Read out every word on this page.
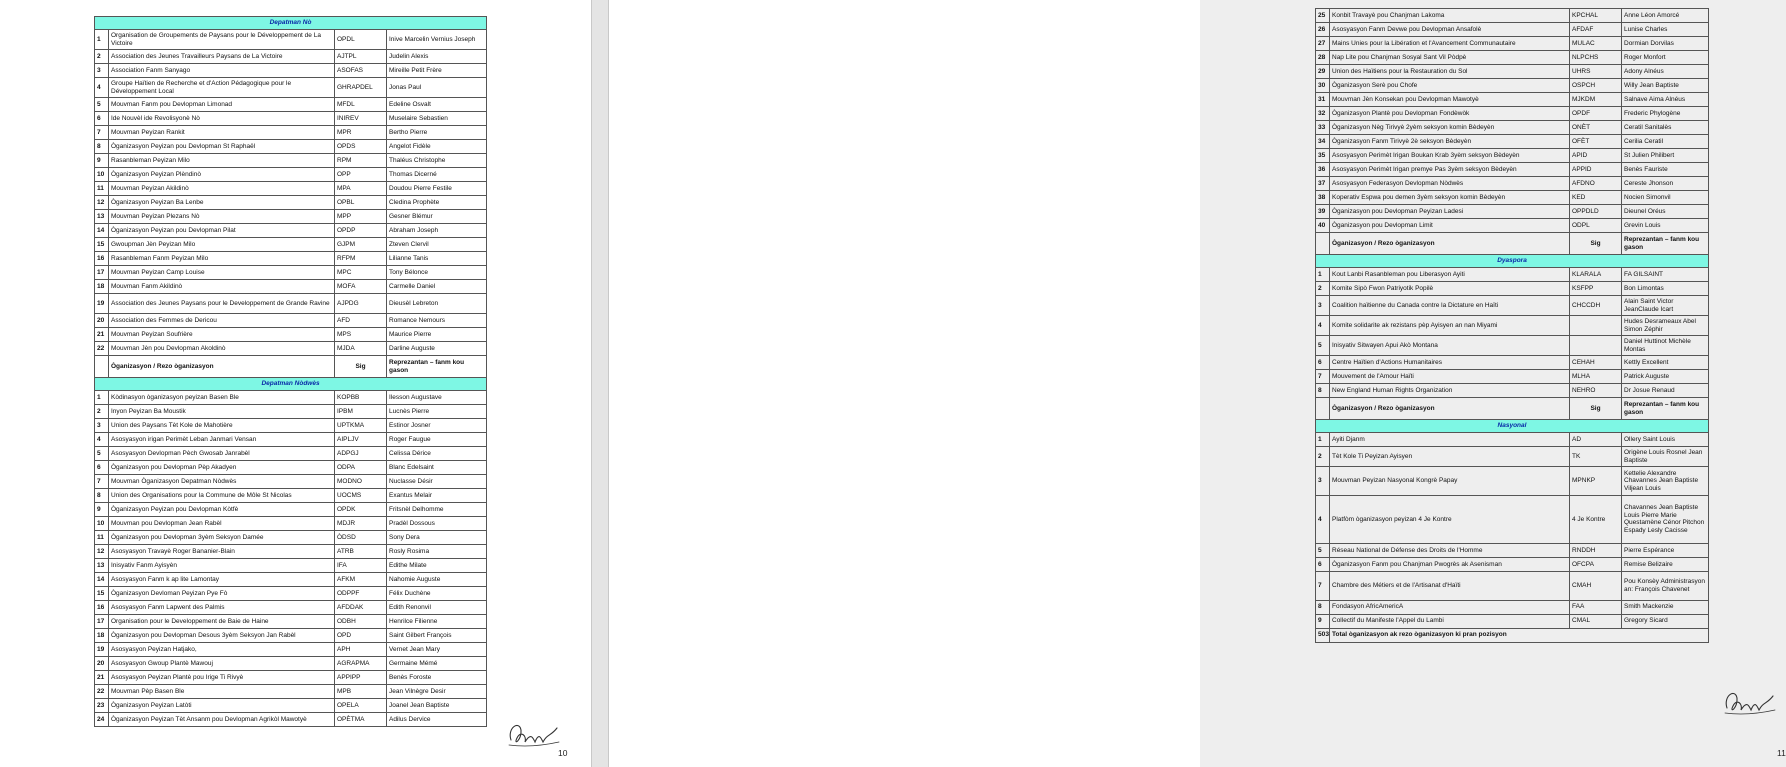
Depatman Nò			
1	Organisation de Groupements de Paysans pour le Développement de La Victoire	OPDL	Inive Marcelin Vernius Joseph
2	Association des Jeunes Travailleurs Paysans de La Victoire	AJTPL	Judelin Alexis
3	Association Fanm Sanyago	ASOFAS	Mireille Petit Frère
4	Groupe Haïtien de Recherche et d'Action Pédagogique pour le Développement Local	GHRAPDEL	Jonas Paul
5	Mouvman Fanm pou Devlopman Limonad	MFDL	Edeline Osvalt
6	Ide Nouvèl ide Revolisyonè Nò	INIREV	Muselaire Sebastien
7	Mouvman Peyizan Rankit	MPR	Bertho Pierre
8	Òganizasyon Peyizan pou Devlopman St Raphaël	OPDS	Angelot Fidèle
9	Rasanbleman Peyizan Milo	RPM	Thaléus Christophe
10	Òganizasyon Peyizan Plèndinò	OPP	Thomas Dicerné
11	Mouvman Peyizan Akildinò	MPA	Doudou Pierre Festile
12	Òganizasyon Peyizan Ba Lenbe	OPBL	Cledina Prophète
13	Mouvman Peyizan Plezans Nò	MPP	Gesner Blémur
14	Òganizasyon Peyizan pou Devlopman Pilat	OPDP	Abraham Joseph
15	Gwoupman Jèn Peyizan Milo	GJPM	Zteven Clervil
16	Rasanbleman Fanm Peyizan Milo	RFPM	Lilianne Tanis
17	Mouvman Peyizan Camp Louise	MPC	Tony Bélonce
18	Mouvman Fanm Akildinò	MOFA	Carmelle Daniel
19	Association des Jeunes Paysans pour le Developpement de Grande Ravine	AJPDG	Dieusèl Lebreton
20	Association des Femmes de Dericou	AFD	Romance Nemours
21	Mouvman Peyizan Soufrière	MPS	Maurice Pierre
22	Mouvman Jèn pou Devlopman Akoldinò	MJDA	Darline Auguste
	Òganizasyon / Rezo òganizasyon	Sig	Reprezantan – fanm kou gason
Depatman Nòdwès			
1	Kòdinasyon òganizasyon peyizan Basen Ble	KOPBB	Ilesson Augustave
2	Inyon Peyizan Ba Moustik	IPBM	Lucnès Pierre
3	Union des Paysans Tèt Kole de Mahotière	UPTKMA	Estinor Josner
4	Asosyasyon irigan Perimèt Leban Janmari Vensan	AIPLJV	Roger Faugue
5	Asosyasyon Devlopman Pèch Gwosab Janrabèl	ADPGJ	Celissa Dérice
6	Òganizasyon pou Devlopman Pèp Akadyen	ODPA	Blanc Edelsaint
7	Mouvman Òganizasyon Depatman Nòdwès	MODNO	Nuclasse Désir
8	Union des Organisations pour la Commune de Môle St Nicolas	UOCMS	Exantus Melair
9	Òganizasyon Peyizan pou Devlopman Kòtfè	OPDK	Fritsnèl Delhomme
10	Mouvman pou Devlopman Jean Rabèl	MDJR	Pradèl Dossous
11	Òganizasyon pou Devlopman 3yèm Seksyon Damée	ÒDSD	Sony Dera
12	Asosyasyon Travayè Roger Bananier-Blain	ATRB	Rosly Rosima
13	Inisyativ Fanm Ayisyèn	IFA	Edithe Milate
14	Asosyasyon Fanm k ap lite Lamontay	AFKM	Nahomie Auguste
15	Òganizasyon Devloman Peyizan Pye Fò	ODPPF	Félix Duchène
16	Asosyasyon Fanm Lapwent des Palmis	AFDDAK	Edith Renonvil
17	Organisation pour le Developpement de Baie de Haine	ODBH	Henrilce Filienne
18	Òganizasyon pou Devlopman Desous 3yèm Seksyon Jan Rabèl	OPD	Saint Gilbert François
19	Asosyasyon Peyizan Hatjako,	APH	Vernet Jean Mary
20	Asosyasyon Gwoup Plantè Mawouj	AGRAPMA	Germaine Mémé
21	Asosyasyon Peyizan Plantè pou Irige Ti Rivyè	APPIPP	Benès Foroste
22	Mouvman Pèp Basen Ble	MPB	Jean Vilnègre Desir
23	Òganizasyon Peyizan Latòti	OPELA	Joanel Jean Baptiste
24	Òganizasyon Peyizan Tèt Ansanm pou Devlopman Agrikòl Mawotyè	OPÈTMA	Adilus Dervice
10
25	Konbit Travayè pou Chanjman Lakoma	KPCHAL	Anne Léon Amorcé
26	Asosyasyon Fanm Devwe pou Devlopman Ansafolè	AFDAF	Lunise Charles
27	Mains Unies pour la Libération et l'Avancement Communautaire	MULAC	Dormian Dorvilas
28	Nap Lite pou Chanjman Sosyal Sant Vil Pòdpè	NLPCHS	Roger Monfort
29	Union des Haïtiens pour la Restauration du Sol	UHRS	Adony Alnéus
30	Òganizasyon Serè pou Chofe	OSPCH	Willy Jean Baptiste
31	Mouvman Jèn Konsekan pou Devlopman Mawotyè	MJKDM	Salnave Aima Alnéus
32	Òganizasyon Plantè pou Devlopman Fondèwòk	OPDF	Frederic Phylogène
33	Òganizasyon Nèg Tirivyè 2yèm seksyon komin Bèdeyèn	ONÈT	Ceratil Sanitalès
34	Òganizasyon Fanm Tirivyè 2è seksyon Bèdeyèn	OFÈT	Cerilia Ceratil
35	Asosyasyon Perimèt Irigan Boukan Krab 3yèm seksyon Bèdeyèn	APID	St Julien Philibert
36	Asosyasyon Perimèt Irigan premye Pas 3yèm seksyon Bèdeyèn	APPID	Benès Fauriste
37	Asosyasyon Federasyon Devlopman Nòdwès	AFDNO	Cereste Jhonson
38	Koperativ Espwa pou demen 3yèm seksyon komin Bèdeyèn	KED	Nocien Simonvil
39	Òganizasyon pou Devlopman Peyizan Ladesi	OPPDLD	Dieunel Oréus
40	Òganizasyon pou Devlopman Limit	ODPL	Grevin Louis
	Òganizasyon / Rezo òganizasyon	Sig	Reprezantan – fanm kou gason
Dyaspora			
1	Kout Lanbi Rasanbleman pou Liberasyon Ayiti	KLARALA	FA GILSAINT
2	Komite Sipò Fwon Patriyotik Popilè	KSFPP	Bon Limontas
3	Coalition haïtienne du Canada contre la Dictature en Haïti	CHCCDH	Alain Saint Victor JeanClaude Icart
4	Komite solidarite ak rezistans pèp Ayisyen an nan Miyami		Hudes Desrameaux Abel Simon Zéphir
5	Inisyativ Sitwayen Apui Akò Montana		Daniel Huttinot Michèle Montas
6	Centre Haïtien d'Actions Humanitaires	CEHAH	Kettly Excellent
7	Mouvement de l'Amour Haïti	MLHA	Patrick Auguste
8	New England Human Rights Organization	NEHRO	Dr Josue Renaud
	Òganizasyon / Rezo òganizasyon	Sig	Reprezantan – fanm kou gason
Nasyonal			
1	Ayiti Djanm	AD	Ollery Saint Louis
2	Tèt Kole Ti Peyizan Ayisyen	TK	Origène Louis Rosnel Jean Baptiste
3	Mouvman Peyizan Nasyonal Kongrè Papay	MPNKP	Kettelie Alexandre Chavannes Jean Baptiste Viljean Louis
4	Platfòm òganizasyon peyizan 4 Je Kontre	4 Je Kontre	Chavannes Jean Baptiste Louis Pierre Marie Questamène Cénor Pitchon Espady Lesly Cacisse
5	Réseau National de Défense des Droits de l'Homme	RNDDH	Pierre Espérance
6	Òganizasyon Fanm pou Chanjman Pwogrès ak Asenisman	OFCPA	Remise Belizaire
7	Chambre des Métiers et de l'Artisanat d'Haïti	CMAH	Pou Konsèy Administrasyon an: François Chavenet
8	Fondasyon AfricAmericA	FAA	Smith Mackenzie
9	Collectif du Manifeste l'Appel du Lambi	CMAL	Gregory Sicard
503	Total òganizasyon ak rezo òganizasyon ki pran pozisyon		
11
